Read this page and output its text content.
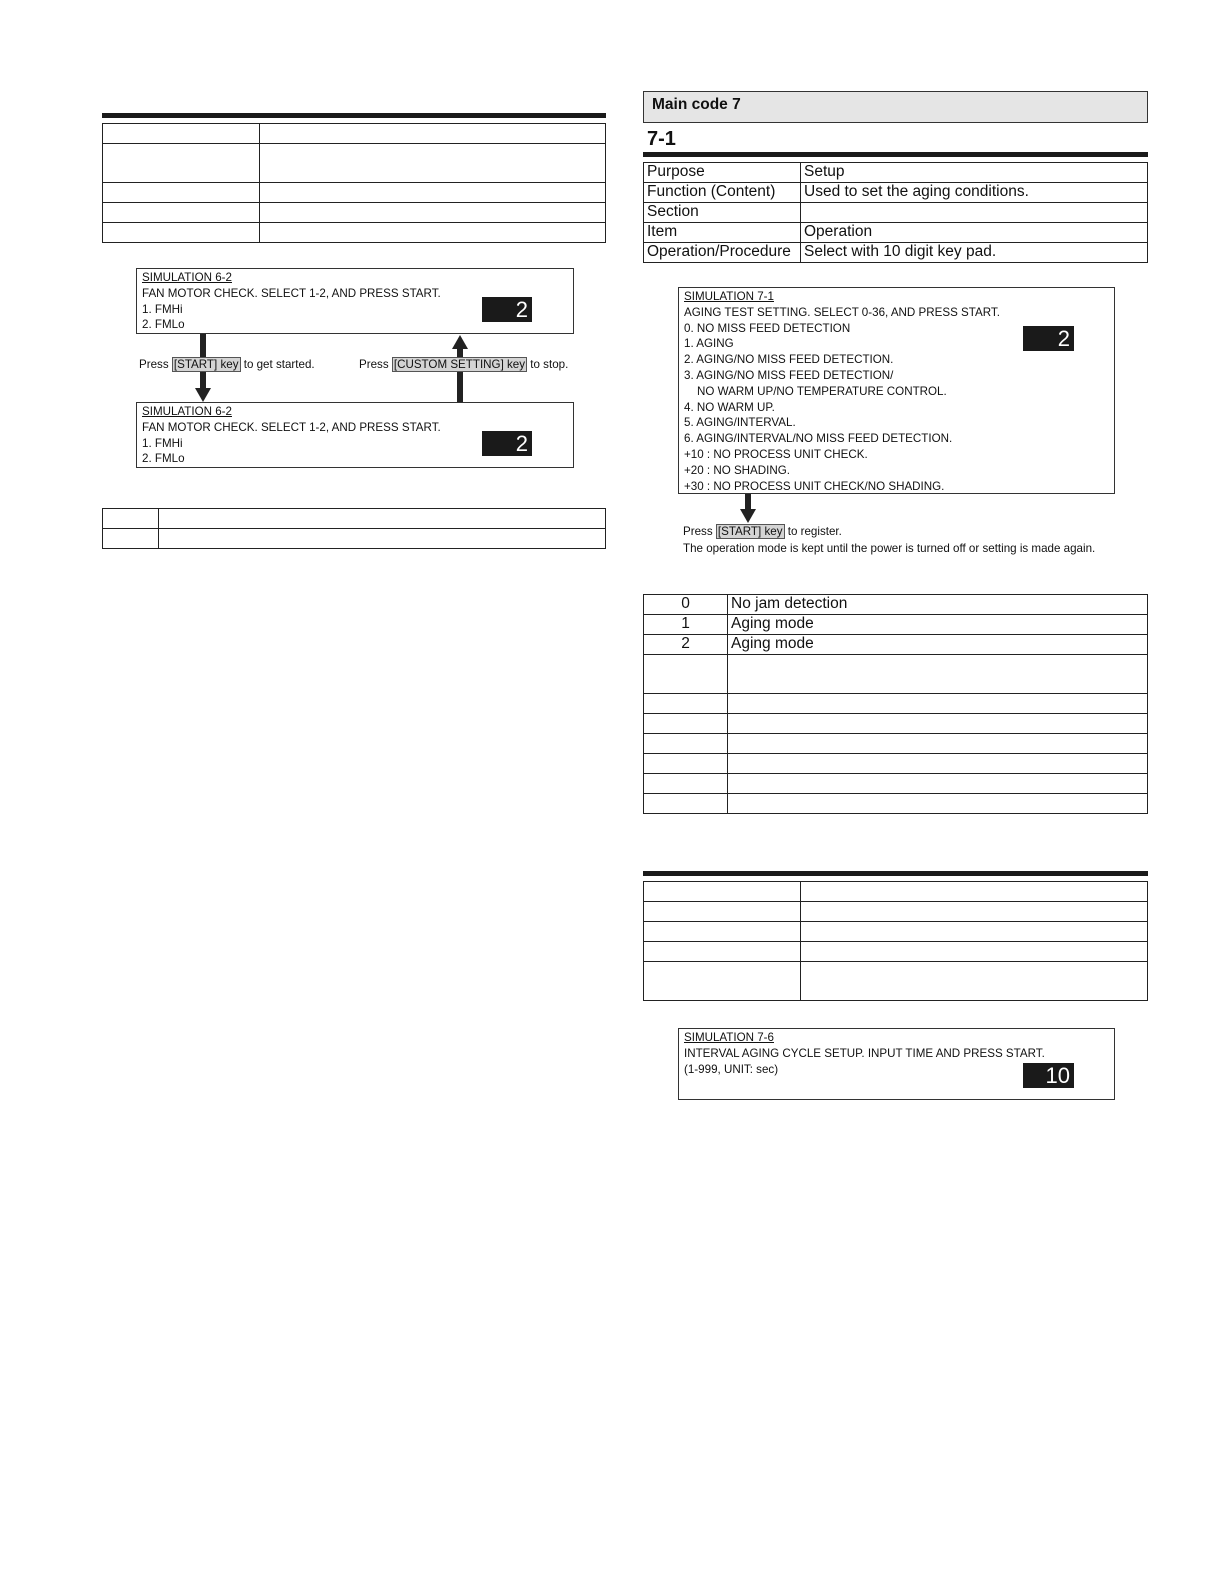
SIMULATION 6-2
FAN MOTOR CHECK. SELECT 1-2, AND PRESS START.
1. FMHi
2. FMLo
2
Press [START] key to get started.	Press [CUSTOM SETTING] key to stop.
SIMULATION 6-2
FAN MOTOR CHECK. SELECT 1-2, AND PRESS START.
1. FMHi
2. FMLo
2

Main code 7
7-1
Purpose	Setup
Function (Content)	Used to set the aging conditions.
Section	
Item	Operation
Operation/Procedure	Select with 10 digit key pad.
SIMULATION 7-1
AGING TEST SETTING. SELECT 0-36, AND PRESS START.
0. NO MISS FEED DETECTION
1. AGING
2. AGING/NO MISS FEED DETECTION.
3. AGING/NO MISS FEED DETECTION/
NO WARM UP/NO TEMPERATURE CONTROL.
4. NO WARM UP.
5. AGING/INTERVAL.
6. AGING/INTERVAL/NO MISS FEED DETECTION.
+10 : NO PROCESS UNIT CHECK.
+20 : NO SHADING.
+30 : NO PROCESS UNIT CHECK/NO SHADING.
2
Press [START] key to register.
The operation mode is kept until the power is turned off or setting is made again.
0	No jam detection
1	Aging mode
2	Aging mode

SIMULATION 7-6
INTERVAL AGING CYCLE SETUP. INPUT TIME AND PRESS START.
(1-999, UNIT: sec)	10
